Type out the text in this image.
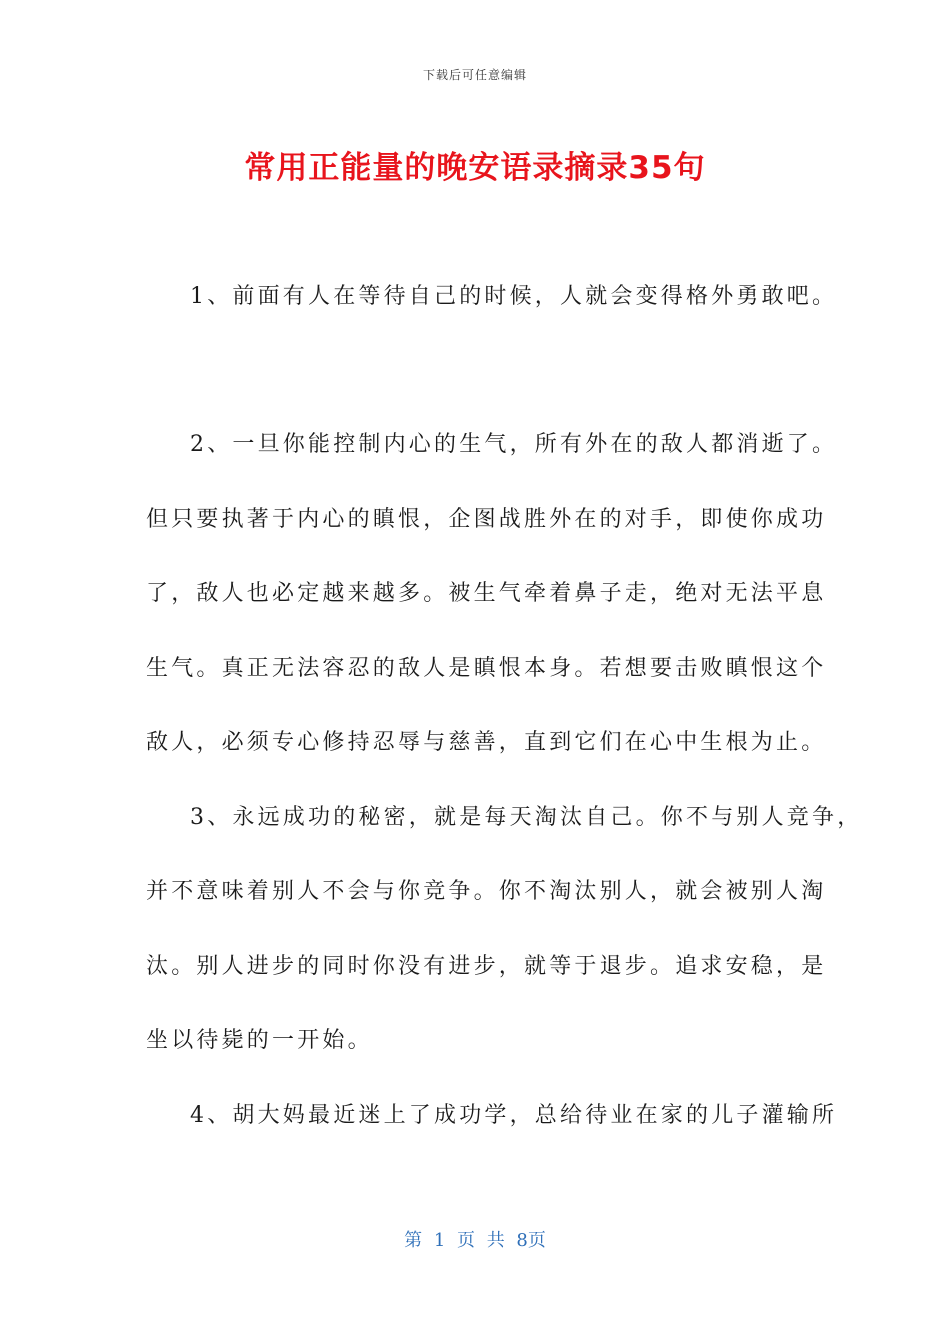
下载后可任意编辑
常用正能量的晚安语录摘录35句
1、前面有人在等待自己的时候，人就会变得格外勇敢吧。
2、一旦你能控制内心的生气，所有外在的敌人都消逝了。
但只要执著于内心的瞋恨，企图战胜外在的对手，即使你成功
了，敌人也必定越来越多。被生气牵着鼻子走，绝对无法平息
生气。真正无法容忍的敌人是瞋恨本身。若想要击败瞋恨这个
敌人，必须专心修持忍辱与慈善，直到它们在心中生根为止。
3、永远成功的秘密，就是每天淘汰自己。你不与别人竞争，
并不意味着别人不会与你竞争。你不淘汰别人，就会被别人淘
汰。别人进步的同时你没有进步，就等于退步。追求安稳，是
坐以待毙的一开始。
4、胡大妈最近迷上了成功学，总给待业在家的儿子灌输所
第 1 页 共 8页
